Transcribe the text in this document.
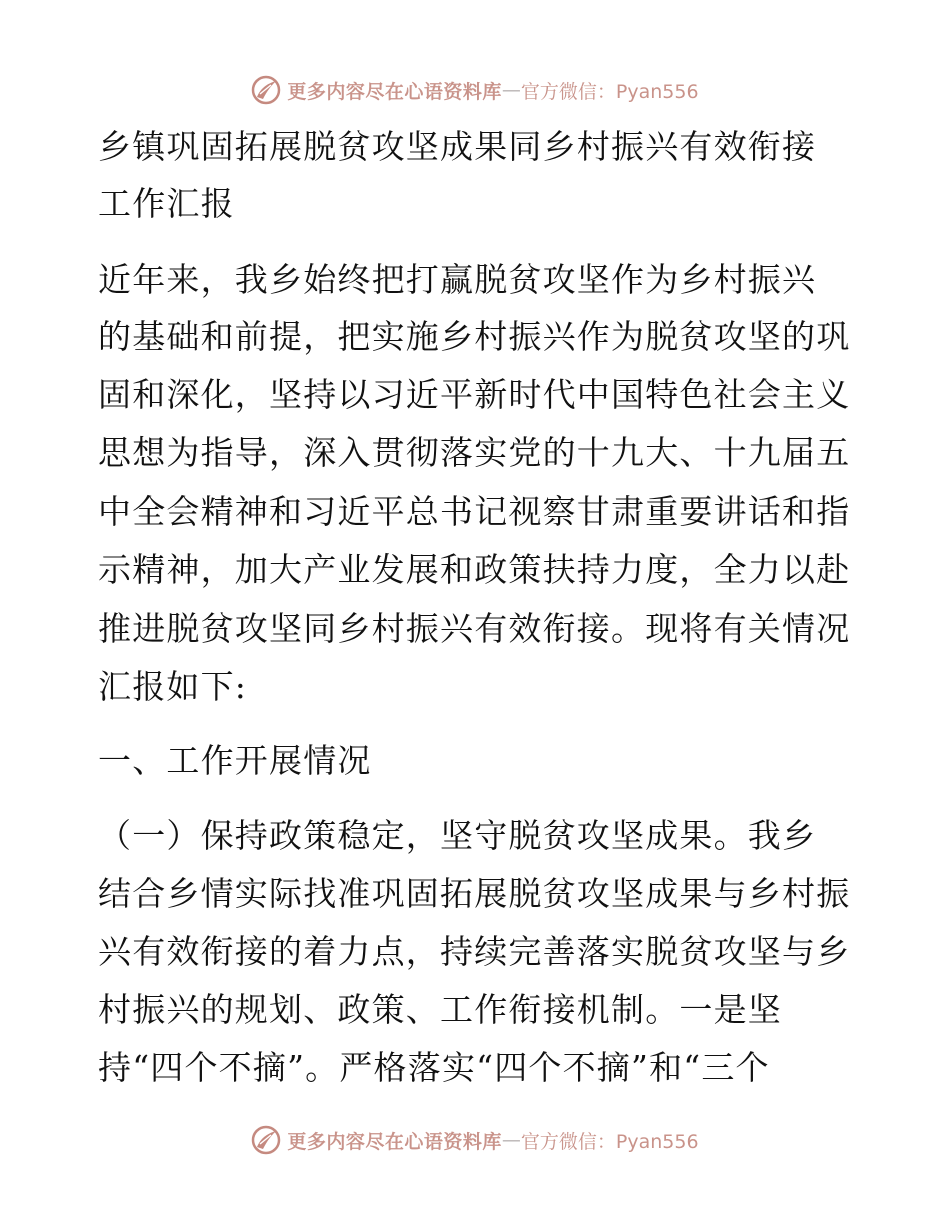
更多内容尽在心语资料库 — 官方微信：Pyan556
乡镇巩固拓展脱贫攻坚成果同乡村振兴有效衔接
工作汇报
近年来，我乡始终把打赢脱贫攻坚作为乡村振兴
的基础和前提，把实施乡村振兴作为脱贫攻坚的巩
固和深化，坚持以习近平新时代中国特色社会主义
思想为指导，深入贯彻落实党的十九大、十九届五
中全会精神和习近平总书记视察甘肃重要讲话和指
示精神，加大产业发展和政策扶持力度，全力以赴
推进脱贫攻坚同乡村振兴有效衔接。现将有关情况
汇报如下:
一、工作开展情况
（一）保持政策稳定，坚守脱贫攻坚成果。我乡
结合乡情实际找准巩固拓展脱贫攻坚成果与乡村振
兴有效衔接的着力点，持续完善落实脱贫攻坚与乡
村振兴的规划、政策、工作衔接机制。一是坚
持“四个不摘”。严格落实“四个不摘”和“三个
更多内容尽在心语资料库 — 官方微信：Pyan556
